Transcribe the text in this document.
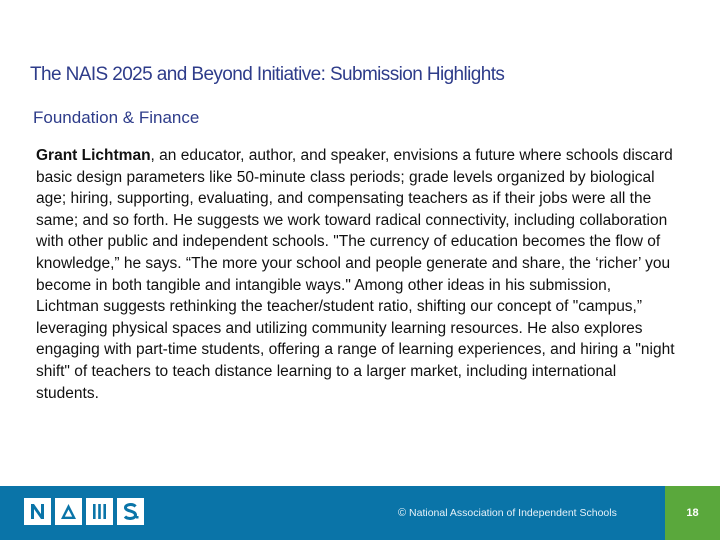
The NAIS 2025 and Beyond Initiative: Submission Highlights
Foundation & Finance

Grant Lichtman, an educator, author, and speaker, envisions a future where schools discard basic design parameters like 50-minute class periods; grade levels organized by biological age; hiring, supporting, evaluating, and compensating teachers as if their jobs were all the same; and so forth. He suggests we work toward radical connectivity, including collaboration with other public and independent schools. "The currency of education becomes the flow of knowledge,” he says. “The more your school and people generate and share, the ‘richer’ you become in both tangible and intangible ways." Among other ideas in his submission, Lichtman suggests rethinking the teacher/student ratio, shifting our concept of "campus,” leveraging physical spaces and utilizing community learning resources. He also explores engaging with part-time students, offering a range of learning experiences, and hiring a "night shift" of teachers to teach distance learning to a larger market, including international students.

© National Association of Independent Schools	18
